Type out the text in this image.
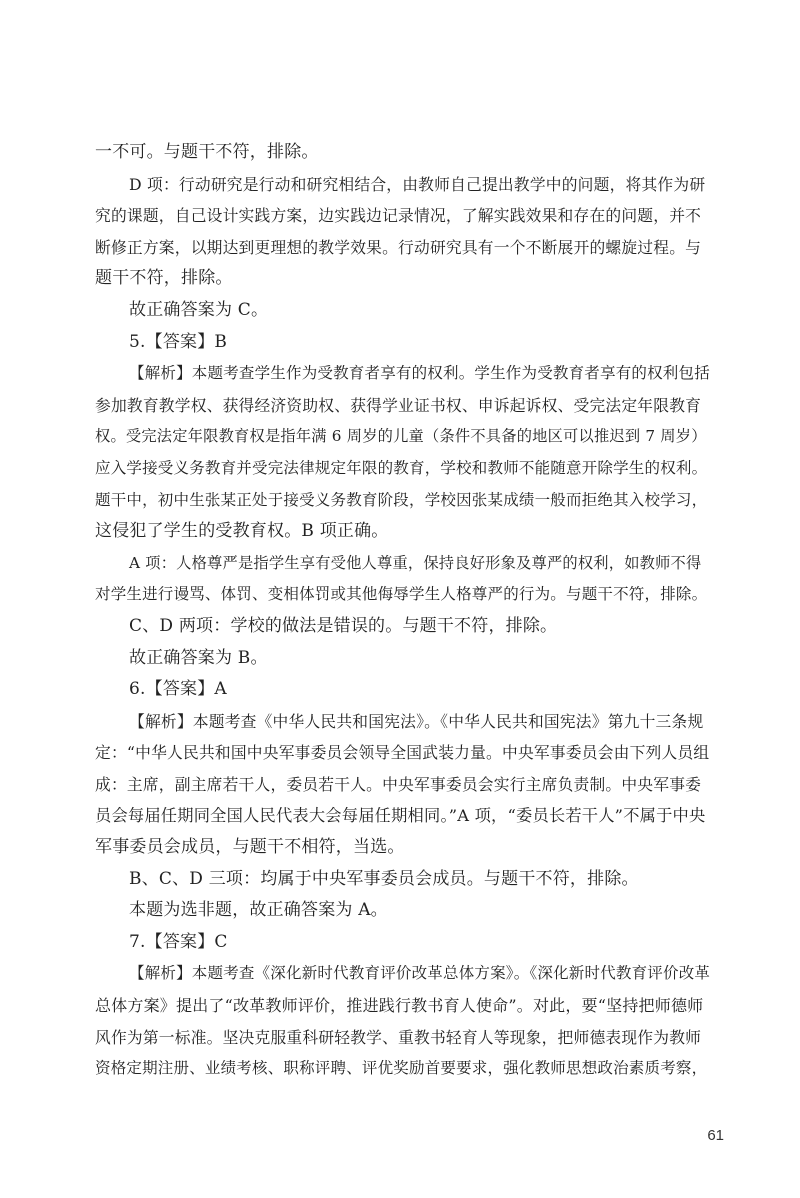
一不可。与题干不符，排除。
D 项：行动研究是行动和研究相结合，由教师自己提出教学中的问题，将其作为研
究的课题，自己设计实践方案，边实践边记录情况，了解实践效果和存在的问题，并不
断修正方案，以期达到更理想的教学效果。行动研究具有一个不断展开的螺旋过程。与
题干不符，排除。
故正确答案为 C。
5.【答案】B
【解析】本题考查学生作为受教育者享有的权利。学生作为受教育者享有的权利包括
参加教育教学权、获得经济资助权、获得学业证书权、申诉起诉权、受完法定年限教育
权。受完法定年限教育权是指年满 6 周岁的儿童（条件不具备的地区可以推迟到 7 周岁）
应入学接受义务教育并受完法律规定年限的教育，学校和教师不能随意开除学生的权利。
题干中，初中生张某正处于接受义务教育阶段，学校因张某成绩一般而拒绝其入校学习，
这侵犯了学生的受教育权。B 项正确。
A 项：人格尊严是指学生享有受他人尊重，保持良好形象及尊严的权利，如教师不得
对学生进行谩骂、体罚、变相体罚或其他侮辱学生人格尊严的行为。与题干不符，排除。
C、D 两项：学校的做法是错误的。与题干不符，排除。
故正确答案为 B。
6.【答案】A
【解析】本题考查《中华人民共和国宪法》。《中华人民共和国宪法》第九十三条规
定：“中华人民共和国中央军事委员会领导全国武装力量。中央军事委员会由下列人员组
成：主席，副主席若干人，委员若干人。中央军事委员会实行主席负责制。中央军事委
员会每届任期同全国人民代表大会每届任期相同。”A 项，“委员长若干人”不属于中央
军事委员会成员，与题干不相符，当选。
B、C、D 三项：均属于中央军事委员会成员。与题干不符，排除。
本题为选非题，故正确答案为 A。
7.【答案】C
【解析】本题考查《深化新时代教育评价改革总体方案》。《深化新时代教育评价改革
总体方案》提出了“改革教师评价，推进践行教书育人使命”。对此，要“坚持把师德师
风作为第一标准。坚决克服重科研轻教学、重教书轻育人等现象，把师德表现作为教师
资格定期注册、业绩考核、职称评聘、评优奖励首要要求，强化教师思想政治素质考察，
61
